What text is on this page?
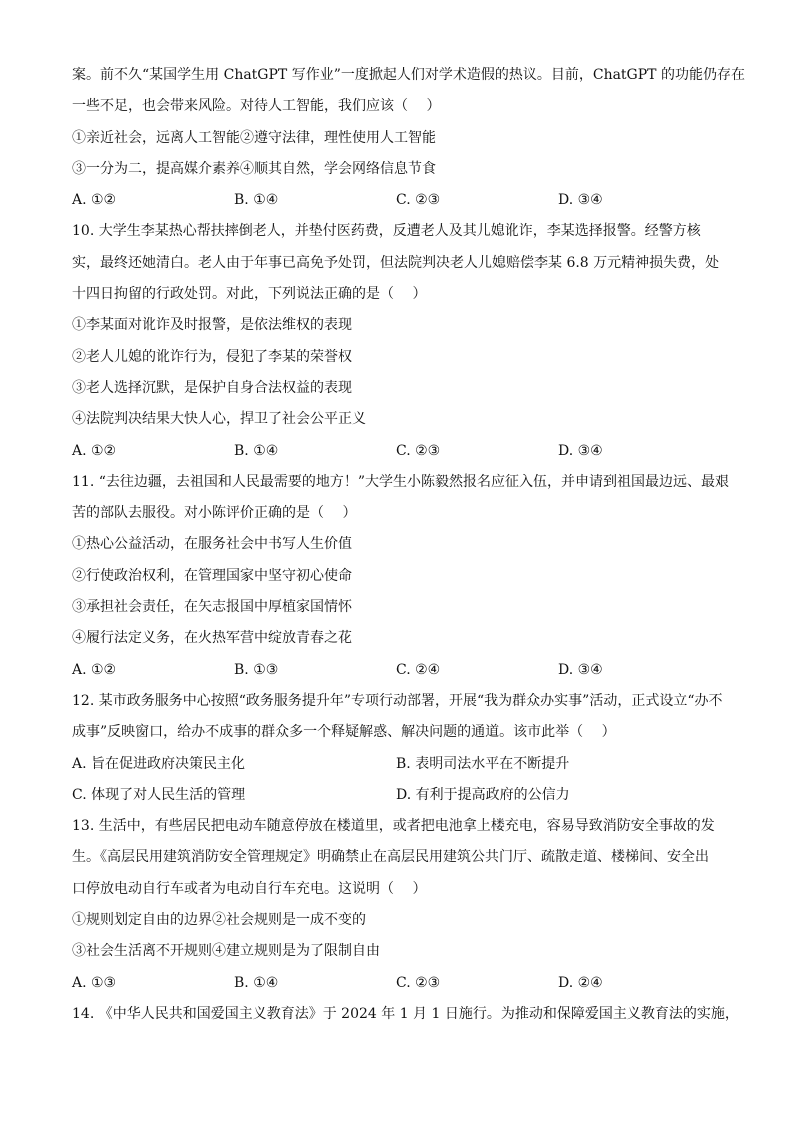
案。前不久“某国学生用 ChatGPT 写作业”一度掀起人们对学术造假的热议。目前，ChatGPT 的功能仍存在
一些不足，也会带来风险。对待人工智能，我们应该（　 ）
①亲近社会，远离人工智能②遵守法律，理性使用人工智能
③一分为二，提高媒介素养④顺其自然，学会网络信息节食
A. ①②	B. ①④	C. ②③	D. ③④
10. 大学生李某热心帮扶摔倒老人，并垫付医药费，反遭老人及其儿媳讹诈，李某选择报警。经警方核
实，最终还她清白。老人由于年事已高免予处罚，但法院判决老人儿媳赔偿李某 6.8 万元精神损失费，处
十四日拘留的行政处罚。对此，下列说法正确的是（　 ）
①李某面对讹诈及时报警，是依法维权的表现
②老人儿媳的讹诈行为，侵犯了李某的荣誉权
③老人选择沉默，是保护自身合法权益的表现
④法院判决结果大快人心，捍卫了社会公平正义
A. ①②	B. ①④	C. ②③	D. ③④
11. “去往边疆，去祖国和人民最需要的地方！”大学生小陈毅然报名应征入伍，并申请到祖国最边远、最艰
苦的部队去服役。对小陈评价正确的是（　 ）
①热心公益活动，在服务社会中书写人生价值
②行使政治权利，在管理国家中坚守初心使命
③承担社会责任，在矢志报国中厚植家国情怀
④履行法定义务，在火热军营中绽放青春之花
A. ①②	B. ①③	C. ②④	D. ③④
12. 某市政务服务中心按照“政务服务提升年”专项行动部署，开展“我为群众办实事”活动，正式设立“办不
成事”反映窗口，给办不成事的群众多一个释疑解惑、解决问题的通道。该市此举（　 ）
A. 旨在促进政府决策民主化	B. 表明司法水平在不断提升
C. 体现了对人民生活的管理	D. 有利于提高政府的公信力
13. 生活中，有些居民把电动车随意停放在楼道里，或者把电池拿上楼充电，容易导致消防安全事故的发
生。《高层民用建筑消防安全管理规定》明确禁止在高层民用建筑公共门厅、疏散走道、楼梯间、安全出
口停放电动自行车或者为电动自行车充电。这说明（　 ）
①规则划定自由的边界②社会规则是一成不变的
③社会生活离不开规则④建立规则是为了限制自由
A. ①③	B. ①④	C. ②③	D. ②④
14. 《中华人民共和国爱国主义教育法》于 2024 年 1 月 1 日施行。为推动和保障爱国主义教育法的实施，
